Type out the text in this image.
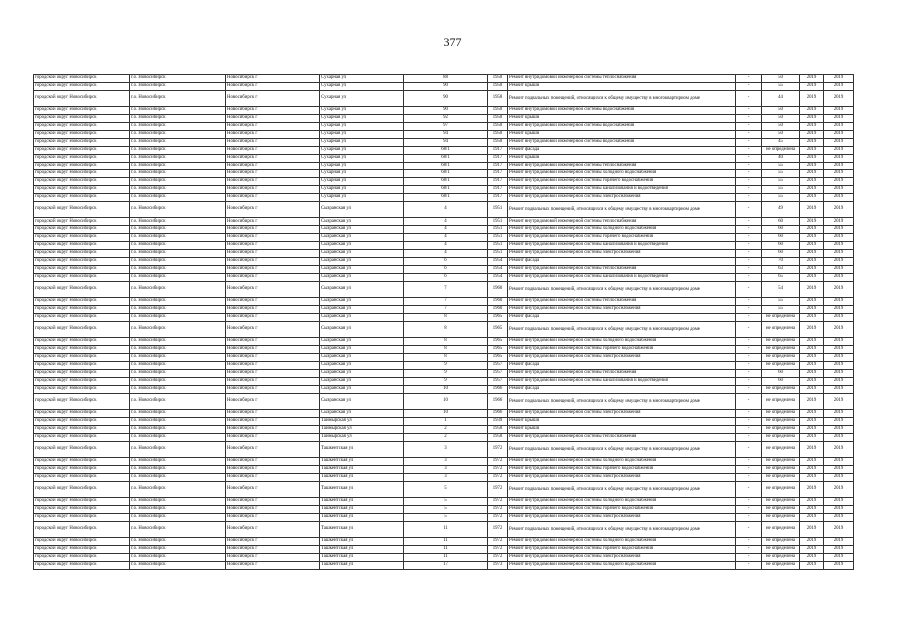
377
городской округ Новосибирск	г.о. Новосибирск	Новосибирск г	Сухарная ул	88	1958	Ремонт внутридомовой инженерной системы теплоснабжения	-	50	2019	2019
городской округ Новосибирск	г.о. Новосибирск	Новосибирск г	Сухарная ул	90	1958	Ремонт крыши	-	55	2019	2019
городской округ Новосибирск	г.о. Новосибирск	Новосибирск г	Сухарная ул	90	1958	Ремонт подвальных помещений, относящихся к общему имуществу в многоквартирном доме	-	44	2019	2019
городской округ Новосибирск	г.о. Новосибирск	Новосибирск г	Сухарная ул	90	1958	Ремонт внутридомовой инженерной системы водоснабжения	-	50	2019	2019
городской округ Новосибирск	г.о. Новосибирск	Новосибирск г	Сухарная ул	92	1958	Ремонт крыши	-	50	2019	2019
городской округ Новосибирск	г.о. Новосибирск	Новосибирск г	Сухарная ул	97	1958	Ремонт внутридомовой инженерной системы водоснабжения	-	50	2019	2019
городской округ Новосибирск	г.о. Новосибирск	Новосибирск г	Сухарная ул	94	1958	Ремонт крыши	-	50	2019	2019
городской округ Новосибирск	г.о. Новосибирск	Новосибирск г	Сухарная ул	94	1958	Ремонт внутридомовой инженерной системы водоснабжения	-	45	2019	2019
городской округ Новосибирск	г.о. Новосибирск	Новосибирск г	Сухарная ул	68/1	1917	Ремонт фасада	-	не определена	2019	2019
городской округ Новосибирск	г.о. Новосибирск	Новосибирск г	Сухарная ул	68/1	1917	Ремонт крыши	-	40	2019	2019
городской округ Новосибирск	г.о. Новосибирск	Новосибирск г	Сухарная ул	68/1	1917	Ремонт внутридомовой инженерной системы теплоснабжения	-	55	2019	2019
городской округ Новосибирск	г.о. Новосибирск	Новосибирск г	Сухарная ул	68/1	1917	Ремонт внутридомовой инженерной системы холодного водоснабжения	-	55	2019	2019
городской округ Новосибирск	г.о. Новосибирск	Новосибирск г	Сухарная ул	68/1	1917	Ремонт внутридомовой инженерной системы горячего водоснабжения	-	55	2019	2019
городской округ Новосибирск	г.о. Новосибирск	Новосибирск г	Сухарная ул	68/1	1917	Ремонт внутридомовой инженерной системы канализования и водоотведения	-	55	2019	2019
городской округ Новосибирск	г.о. Новосибирск	Новосибирск г	Сухарная ул	68/1	1917	Ремонт внутридомовой инженерной системы электроснабжения	-	55	2019	2019
городской округ Новосибирск	г.о. Новосибирск	Новосибирск г	Сызранская ул	4	1951	Ремонт подвальных помещений, относящихся к общему имуществу в многоквартирном доме	-	49	2019	2019
городской округ Новосибирск	г.о. Новосибирск	Новосибирск г	Сызранская ул	4	1951	Ремонт внутридомовой инженерной системы теплоснабжения	-	60	2019	2019
городской округ Новосибирск	г.о. Новосибирск	Новосибирск г	Сызранская ул	4	1951	Ремонт внутридомовой инженерной системы холодного водоснабжения	-	60	2019	2019
городской округ Новосибирск	г.о. Новосибирск	Новосибирск г	Сызранская ул	4	1951	Ремонт внутридомовой инженерной системы горячего водоснабжения	-	60	2019	2019
городской округ Новосибирск	г.о. Новосибирск	Новосибирск г	Сызранская ул	4	1951	Ремонт внутридомовой инженерной системы канализования и водоотведения	-	60	2019	2019
городской округ Новосибирск	г.о. Новосибирск	Новосибирск г	Сызранская ул	4	1951	Ремонт внутридомовой инженерной системы электроснабжения	-	60	2019	2019
городской округ Новосибирск	г.о. Новосибирск	Новосибирск г	Сызранская ул	6	1954	Ремонт фасада	-	70	2019	2019
городской округ Новосибирск	г.о. Новосибирск	Новосибирск г	Сызранская ул	6	1954	Ремонт внутридомовой инженерной системы теплоснабжения	-	63	2019	2019
городской округ Новосибирск	г.о. Новосибирск	Новосибирск г	Сызранская ул	6	1954	Ремонт внутридомовой инженерной системы канализования и водоотведения	-	65	2019	2019
городской округ Новосибирск	г.о. Новосибирск	Новосибирск г	Сызранская ул	7	1960	Ремонт подвальных помещений, относящихся к общему имуществу в многоквартирном доме	-	54	2019	2019
городской округ Новосибирск	г.о. Новосибирск	Новосибирск г	Сызранская ул	7	1960	Ремонт внутридомовой инженерной системы теплоснабжения	-	55	2019	2019
городской округ Новосибирск	г.о. Новосибирск	Новосибирск г	Сызранская ул	7	1960	Ремонт внутридомовой инженерной системы электроснабжения	-	55	2019	2019
городской округ Новосибирск	г.о. Новосибирск	Новосибирск г	Сызранская ул	8	1965	Ремонт фасада	-	не определена	2019	2019
городской округ Новосибирск	г.о. Новосибирск	Новосибирск г	Сызранская ул	8	1965	Ремонт подвальных помещений, относящихся к общему имуществу в многоквартирном доме	-	не определена	2019	2019
городской округ Новосибирск	г.о. Новосибирск	Новосибирск г	Сызранская ул	8	1965	Ремонт внутридомовой инженерной системы холодного водоснабжения	-	не определена	2019	2019
городской округ Новосибирск	г.о. Новосибирск	Новосибирск г	Сызранская ул	8	1965	Ремонт внутридомовой инженерной системы горячего водоснабжения	-	не определена	2019	2019
городской округ Новосибирск	г.о. Новосибирск	Новосибирск г	Сызранская ул	8	1965	Ремонт внутридомовой инженерной системы электроснабжения	-	не определена	2019	2019
городской округ Новосибирск	г.о. Новосибирск	Новосибирск г	Сызранская ул	9	1957	Ремонт фасада	-	не определена	2019	2019
городской округ Новосибирск	г.о. Новосибирск	Новосибирск г	Сызранская ул	9	1957	Ремонт внутридомовой инженерной системы теплоснабжения	-	60	2019	2019
городской округ Новосибирск	г.о. Новосибирск	Новосибирск г	Сызранская ул	9	1957	Ремонт внутридомовой инженерной системы канализования и водоотведения	-	60	2019	2019
городской округ Новосибирск	г.о. Новосибирск	Новосибирск г	Сызранская ул	10	1966	Ремонт фасада	-	не определена	2019	2019
городской округ Новосибирск	г.о. Новосибирск	Новосибирск г	Сызранская ул	10	1966	Ремонт подвальных помещений, относящихся к общему имуществу в многоквартирном доме	-	не определена	2019	2019
городской округ Новосибирск	г.о. Новосибирск	Новосибирск г	Сызранская ул	10	1966	Ремонт внутридомовой инженерной системы электроснабжения	-	не определена	2019	2019
городской округ Новосибирск	г.о. Новосибирск	Новосибирск г	Таймырская ул	1	1939	Ремонт крыши	-	не определена	2019	2019
городской округ Новосибирск	г.о. Новосибирск	Новосибирск г	Таймырская ул	2	1958	Ремонт крыши	-	не определена	2019	2019
городской округ Новосибирск	г.о. Новосибирск	Новосибирск г	Таймырская ул	2	1958	Ремонт внутридомовой инженерной системы теплоснабжения	-	не определена	2019	2019
городской округ Новосибирск	г.о. Новосибирск	Новосибирск г	Ташкентская ул	3	1972	Ремонт подвальных помещений, относящихся к общему имуществу в многоквартирном доме	-	не определена	2019	2019
городской округ Новосибирск	г.о. Новосибирск	Новосибирск г	Ташкентская ул	3	1972	Ремонт внутридомовой инженерной системы холодного водоснабжения	-	не определена	2019	2019
городской округ Новосибирск	г.о. Новосибирск	Новосибирск г	Ташкентская ул	3	1972	Ремонт внутридомовой инженерной системы горячего водоснабжения	-	не определена	2019	2019
городской округ Новосибирск	г.о. Новосибирск	Новосибирск г	Ташкентская ул	3	1972	Ремонт внутридомовой инженерной системы электроснабжения	-	не определена	2019	2019
городской округ Новосибирск	г.о. Новосибирск	Новосибирск г	Ташкентская ул	5	1972	Ремонт подвальных помещений, относящихся к общему имуществу в многоквартирном доме	-	не определена	2019	2019
городской округ Новосибирск	г.о. Новосибирск	Новосибирск г	Ташкентская ул	5	1972	Ремонт внутридомовой инженерной системы холодного водоснабжения	-	не определена	2019	2019
городской округ Новосибирск	г.о. Новосибирск	Новосибирск г	Ташкентская ул	5	1972	Ремонт внутридомовой инженерной системы горячего водоснабжения	-	не определена	2019	2019
городской округ Новосибирск	г.о. Новосибирск	Новосибирск г	Ташкентская ул	5	1972	Ремонт внутридомовой инженерной системы электроснабжения	-	не определена	2019	2019
городской округ Новосибирск	г.о. Новосибирск	Новосибирск г	Ташкентская ул	11	1972	Ремонт подвальных помещений, относящихся к общему имуществу в многоквартирном доме	-	не определена	2019	2019
городской округ Новосибирск	г.о. Новосибирск	Новосибирск г	Ташкентская ул	11	1972	Ремонт внутридомовой инженерной системы холодного водоснабжения	-	не определена	2019	2019
городской округ Новосибирск	г.о. Новосибирск	Новосибирск г	Ташкентская ул	11	1972	Ремонт внутридомовой инженерной системы горячего водоснабжения	-	не определена	2019	2019
городской округ Новосибирск	г.о. Новосибирск	Новосибирск г	Ташкентская ул	11	1972	Ремонт внутридомовой инженерной системы электроснабжения	-	не определена	2019	2019
городской округ Новосибирск	г.о. Новосибирск	Новосибирск г	Ташкентская ул	17	1973	Ремонт внутридомовой инженерной системы холодного водоснабжения	-	не определена	2019	2019
